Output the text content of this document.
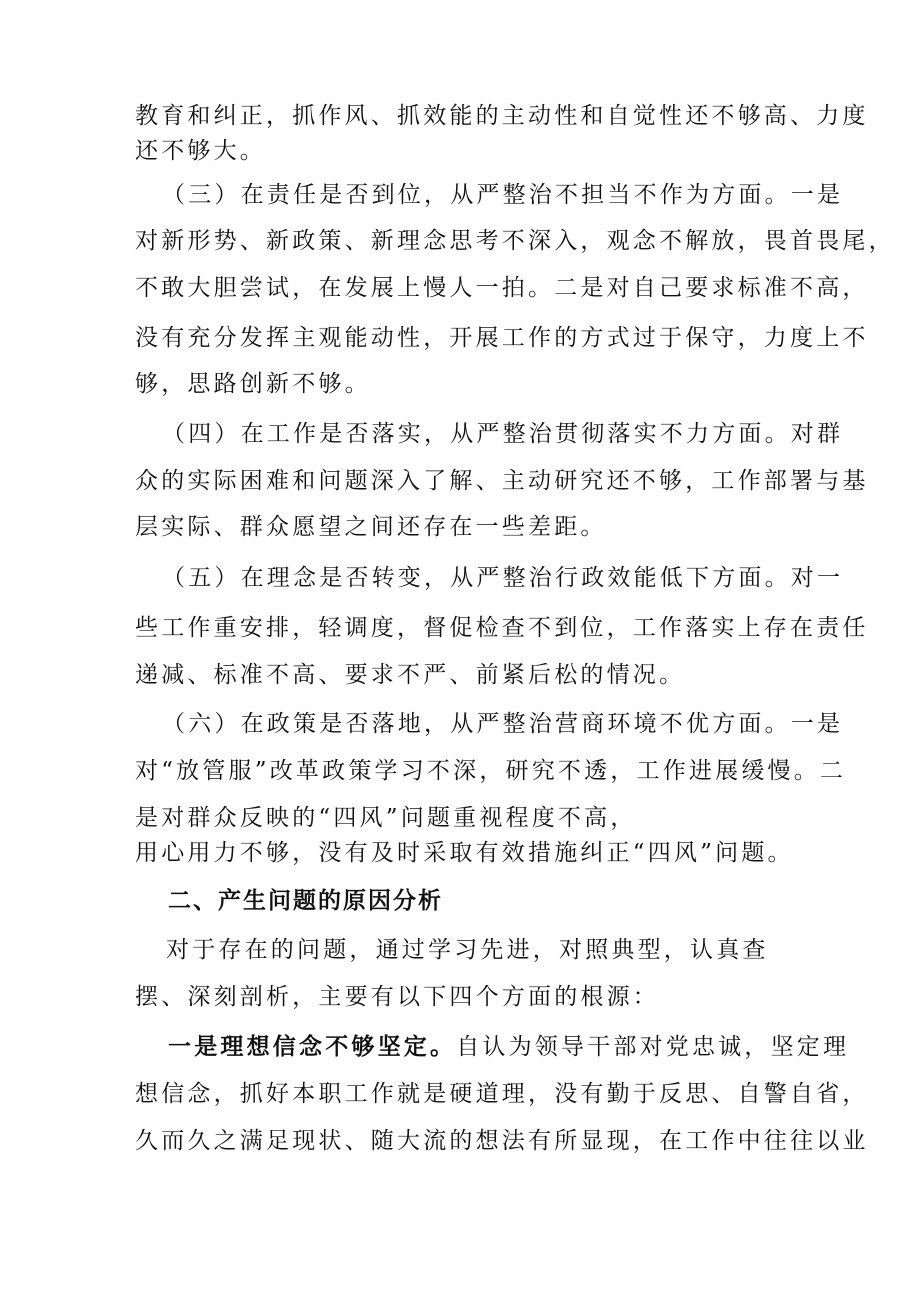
教育和纠正，抓作风、抓效能的主动性和自觉性还不够高、力度
还不够大。
（三）在责任是否到位，从严整治不担当不作为方面。一是
对新形势、新政策、新理念思考不深入，观念不解放，畏首畏尾，
不敢大胆尝试，在发展上慢人一拍。二是对自己要求标准不高，
没有充分发挥主观能动性，开展工作的方式过于保守，力度上不
够，思路创新不够。
（四）在工作是否落实，从严整治贯彻落实不力方面。对群
众的实际困难和问题深入了解、主动研究还不够，工作部署与基
层实际、群众愿望之间还存在一些差距。
（五）在理念是否转变，从严整治行政效能低下方面。对一
些工作重安排，轻调度，督促检查不到位，工作落实上存在责任
递减、标准不高、要求不严、前紧后松的情况。
（六）在政策是否落地，从严整治营商环境不优方面。一是
对“放管服”改革政策学习不深，研究不透，工作进展缓慢。二
是对群众反映的“四风”问题重视程度不高，
用心用力不够，没有及时采取有效措施纠正“四风”问题。
二、产生问题的原因分析
对于存在的问题，通过学习先进，对照典型，认真查
摆、深刻剖析，主要有以下四个方面的根源：
一是理想信念不够坚定。自认为领导干部对党忠诚，坚定理
想信念，抓好本职工作就是硬道理，没有勤于反思、自警自省，
久而久之满足现状、随大流的想法有所显现，在工作中往往以业
